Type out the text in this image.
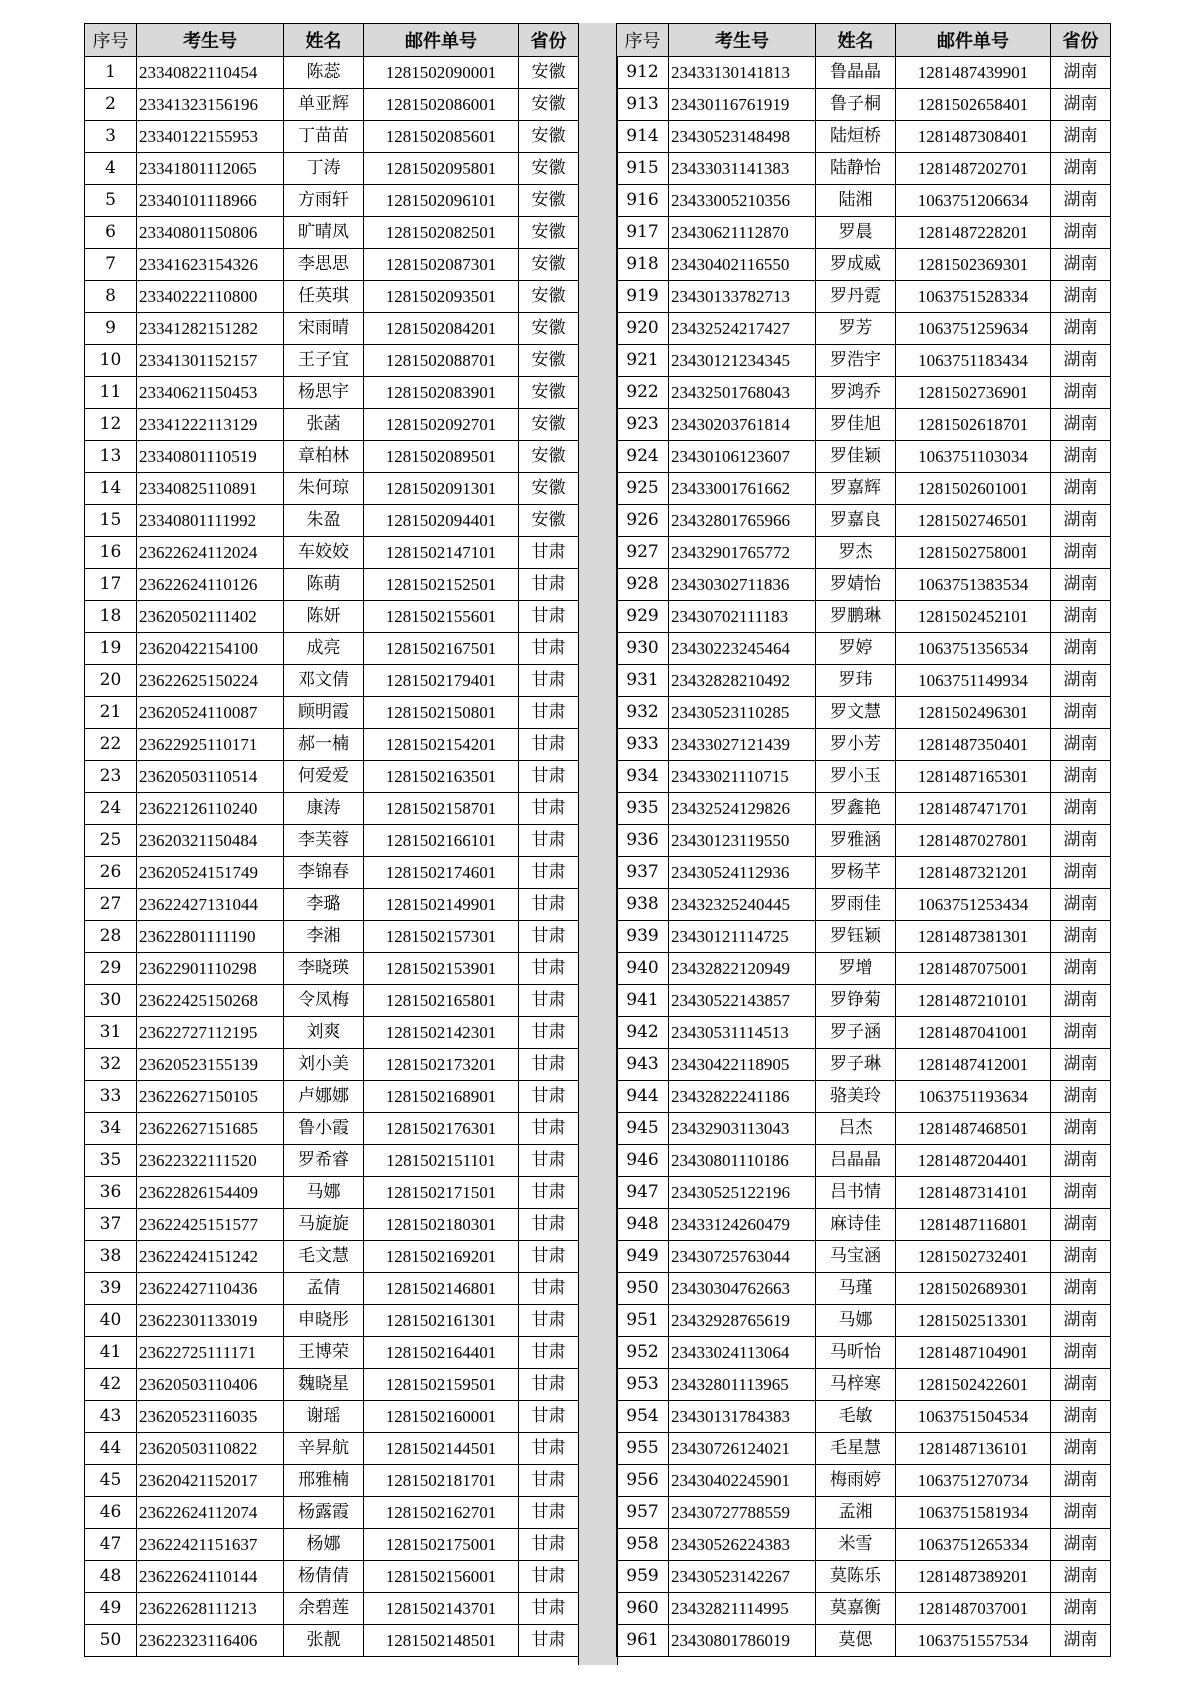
序号	考生号	姓名	邮件单号	省份
1	23340822110454	陈蕊	1281502090001	安徽
2	23341323156196	单亚辉	1281502086001	安徽
3	23340122155953	丁苗苗	1281502085601	安徽
4	23341801112065	丁涛	1281502095801	安徽
5	23340101118966	方雨轩	1281502096101	安徽
6	23340801150806	旷晴凤	1281502082501	安徽
7	23341623154326	李思思	1281502087301	安徽
8	23340222110800	任英琪	1281502093501	安徽
9	23341282151282	宋雨晴	1281502084201	安徽
10	23341301152157	王子宜	1281502088701	安徽
11	23340621150453	杨思宇	1281502083901	安徽
12	23341222113129	张菡	1281502092701	安徽
13	23340801110519	章柏林	1281502089501	安徽
14	23340825110891	朱何琼	1281502091301	安徽
15	23340801111992	朱盈	1281502094401	安徽
16	23622624112024	车姣姣	1281502147101	甘肃
17	23622624110126	陈萌	1281502152501	甘肃
18	23620502111402	陈妍	1281502155601	甘肃
19	23620422154100	成亮	1281502167501	甘肃
20	23622625150224	邓文倩	1281502179401	甘肃
21	23620524110087	顾明霞	1281502150801	甘肃
22	23622925110171	郝一楠	1281502154201	甘肃
23	23620503110514	何爱爱	1281502163501	甘肃
24	23622126110240	康涛	1281502158701	甘肃
25	23620321150484	李芙蓉	1281502166101	甘肃
26	23620524151749	李锦春	1281502174601	甘肃
27	23622427131044	李璐	1281502149901	甘肃
28	23622801111190	李湘	1281502157301	甘肃
29	23622901110298	李晓瑛	1281502153901	甘肃
30	23622425150268	令凤梅	1281502165801	甘肃
31	23622727112195	刘爽	1281502142301	甘肃
32	23620523155139	刘小美	1281502173201	甘肃
33	23622627150105	卢娜娜	1281502168901	甘肃
34	23622627151685	鲁小霞	1281502176301	甘肃
35	23622322111520	罗希睿	1281502151101	甘肃
36	23622826154409	马娜	1281502171501	甘肃
37	23622425151577	马旋旋	1281502180301	甘肃
38	23622424151242	毛文慧	1281502169201	甘肃
39	23622427110436	孟倩	1281502146801	甘肃
40	23622301133019	申晓彤	1281502161301	甘肃
41	23622725111171	王博荣	1281502164401	甘肃
42	23620503110406	魏晓星	1281502159501	甘肃
43	23620523116035	谢瑶	1281502160001	甘肃
44	23620503110822	辛昇航	1281502144501	甘肃
45	23620421152017	邢雅楠	1281502181701	甘肃
46	23622624112074	杨露霞	1281502162701	甘肃
47	23622421151637	杨娜	1281502175001	甘肃
48	23622624110144	杨倩倩	1281502156001	甘肃
49	23622628111213	余碧莲	1281502143701	甘肃
50	23622323116406	张靓	1281502148501	甘肃
序号	考生号	姓名	邮件单号	省份
912	23433130141813	鲁晶晶	1281487439901	湖南
913	23430116761919	鲁子桐	1281502658401	湖南
914	23430523148498	陆烜桥	1281487308401	湖南
915	23433031141383	陆静怡	1281487202701	湖南
916	23433005210356	陆湘	1063751206634	湖南
917	23430621112870	罗晨	1281487228201	湖南
918	23430402116550	罗成威	1281502369301	湖南
919	23430133782713	罗丹霓	1063751528334	湖南
920	23432524217427	罗芳	1063751259634	湖南
921	23430121234345	罗浩宇	1063751183434	湖南
922	23432501768043	罗鸿乔	1281502736901	湖南
923	23430203761814	罗佳旭	1281502618701	湖南
924	23430106123607	罗佳颖	1063751103034	湖南
925	23433001761662	罗嘉辉	1281502601001	湖南
926	23432801765966	罗嘉良	1281502746501	湖南
927	23432901765772	罗杰	1281502758001	湖南
928	23430302711836	罗婧怡	1063751383534	湖南
929	23430702111183	罗鹏琳	1281502452101	湖南
930	23430223245464	罗婷	1063751356534	湖南
931	23432828210492	罗玮	1063751149934	湖南
932	23430523110285	罗文慧	1281502496301	湖南
933	23433027121439	罗小芳	1281487350401	湖南
934	23433021110715	罗小玉	1281487165301	湖南
935	23432524129826	罗鑫艳	1281487471701	湖南
936	23430123119550	罗雅涵	1281487027801	湖南
937	23430524112936	罗杨芊	1281487321201	湖南
938	23432325240445	罗雨佳	1063751253434	湖南
939	23430121114725	罗钰颖	1281487381301	湖南
940	23432822120949	罗增	1281487075001	湖南
941	23430522143857	罗铮菊	1281487210101	湖南
942	23430531114513	罗子涵	1281487041001	湖南
943	23430422118905	罗子琳	1281487412001	湖南
944	23432822241186	骆美玲	1063751193634	湖南
945	23432903113043	吕杰	1281487468501	湖南
946	23430801110186	吕晶晶	1281487204401	湖南
947	23430525122196	吕书情	1281487314101	湖南
948	23433124260479	麻诗佳	1281487116801	湖南
949	23430725763044	马宝涵	1281502732401	湖南
950	23430304762663	马瑾	1281502689301	湖南
951	23432928765619	马娜	1281502513301	湖南
952	23433024113064	马昕怡	1281487104901	湖南
953	23432801113965	马梓寒	1281502422601	湖南
954	23430131784383	毛敏	1063751504534	湖南
955	23430726124021	毛星慧	1281487136101	湖南
956	23430402245901	梅雨婷	1063751270734	湖南
957	23430727788559	孟湘	1063751581934	湖南
958	23430526224383	米雪	1063751265334	湖南
959	23430523142267	莫陈乐	1281487389201	湖南
960	23432821114995	莫嘉衡	1281487037001	湖南
961	23430801786019	莫偲	1063751557534	湖南
